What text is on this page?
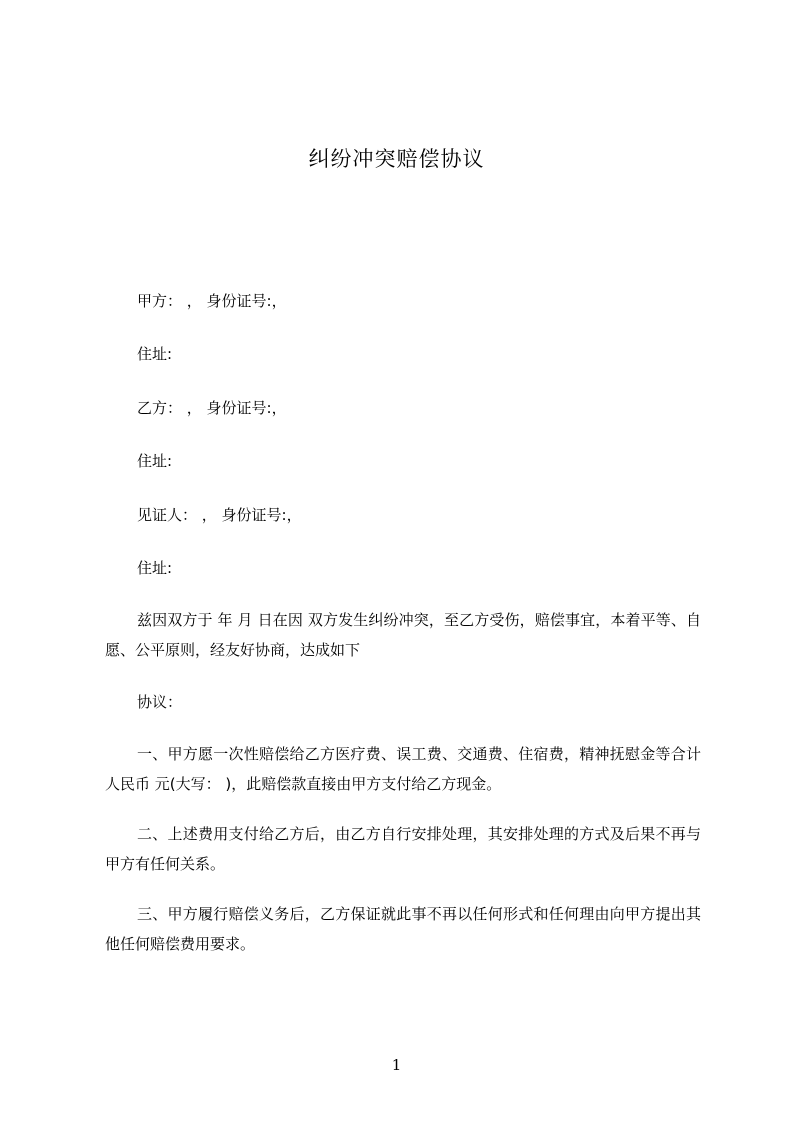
纠纷冲突赔偿协议
甲方： ， 身份证号:，
住址:
乙方： ， 身份证号:，
住址:
见证人： ， 身份证号:，
住址:
兹因双方于 年 月 日在因 双方发生纠纷冲突，至乙方受伤，赔偿事宜，本着平等、自愿、公平原则，经友好协商，达成如下
协议：
一、甲方愿一次性赔偿给乙方医疗费、误工费、交通费、住宿费，精神抚慰金等合计人民币 元(大写： )，此赔偿款直接由甲方支付给乙方现金。
二、上述费用支付给乙方后，由乙方自行安排处理，其安排处理的方式及后果不再与甲方有任何关系。
三、甲方履行赔偿义务后，乙方保证就此事不再以任何形式和任何理由向甲方提出其他任何赔偿费用要求。
1
